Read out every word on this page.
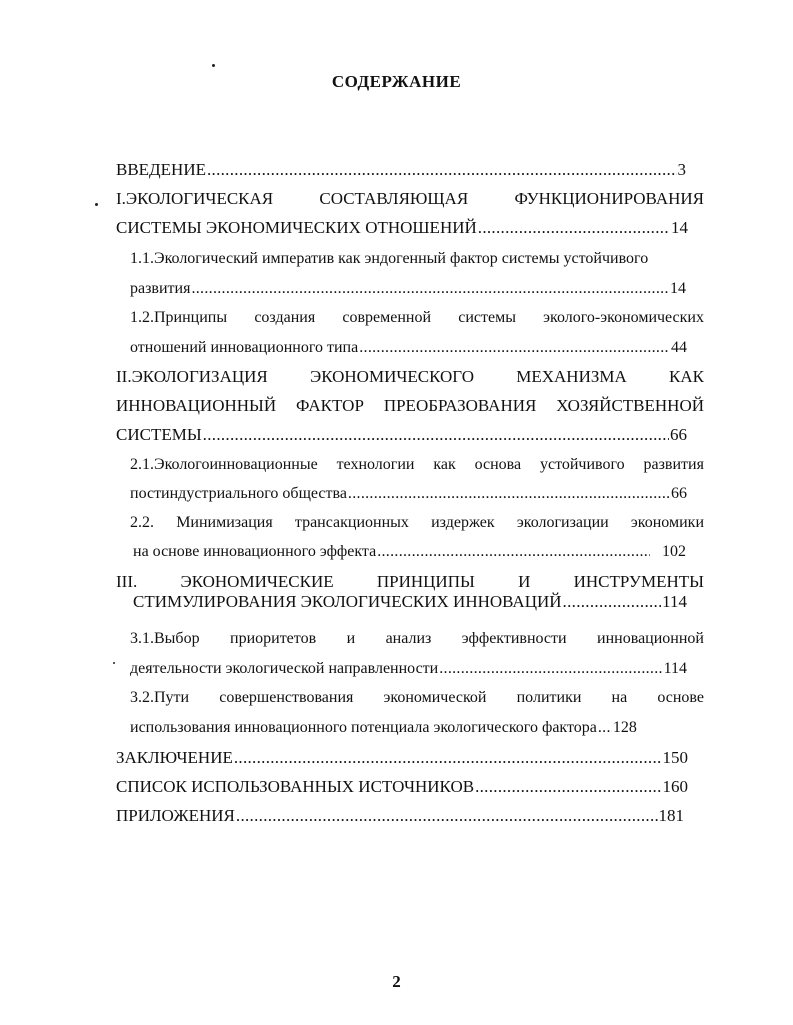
СОДЕРЖАНИЕ
ВВЕДЕНИЕ .....	3
I.ЭКОЛОГИЧЕСКАЯ	СОСТАВЛЯЮЩАЯ	ФУНКЦИОНИРОВАНИЯ
СИСТЕМЫ ЭКОНОМИЧЕСКИХ ОТНОШЕНИЙ .....	14
1.1.Экологический императив как эндогенный фактор системы устойчивого
развития .....	14
1.2.Принципы создания современной системы эколого-экономических
отношений инновационного типа .....	44
II.ЭКОЛОГИЗАЦИЯ ЭКОНОМИЧЕСКОГО МЕХАНИЗМА КАК
ИННОВАЦИОННЫЙ ФАКТОР ПРЕОБРАЗОВАНИЯ ХОЗЯЙСТВЕННОЙ
СИСТЕМЫ .....	66
2.1.Экологоинновационные технологии как основа устойчивого развития
постиндустриального общества .....	66
2.2. Минимизация трансакционных издержек экологизации экономики
на основе инновационного эффекта .....	102
III.	ЭКОНОМИЧЕСКИЕ	ПРИНЦИПЫ	И	ИНСТРУМЕНТЫ
СТИМУЛИРОВАНИЯ ЭКОЛОГИЧЕСКИХ ИННОВАЦИЙ .....	114
3.1.Выбор приоритетов и анализ эффективности инновационной
деятельности экологической направленности .....	114
3.2.Пути совершенствования экономической политики на основе
использования инновационного потенциала экологического фактора ..... 128
ЗАКЛЮЧЕНИЕ .....	150
СПИСОК ИСПОЛЬЗОВАННЫХ ИСТОЧНИКОВ .....	160
ПРИЛОЖЕНИЯ .....	181
2
